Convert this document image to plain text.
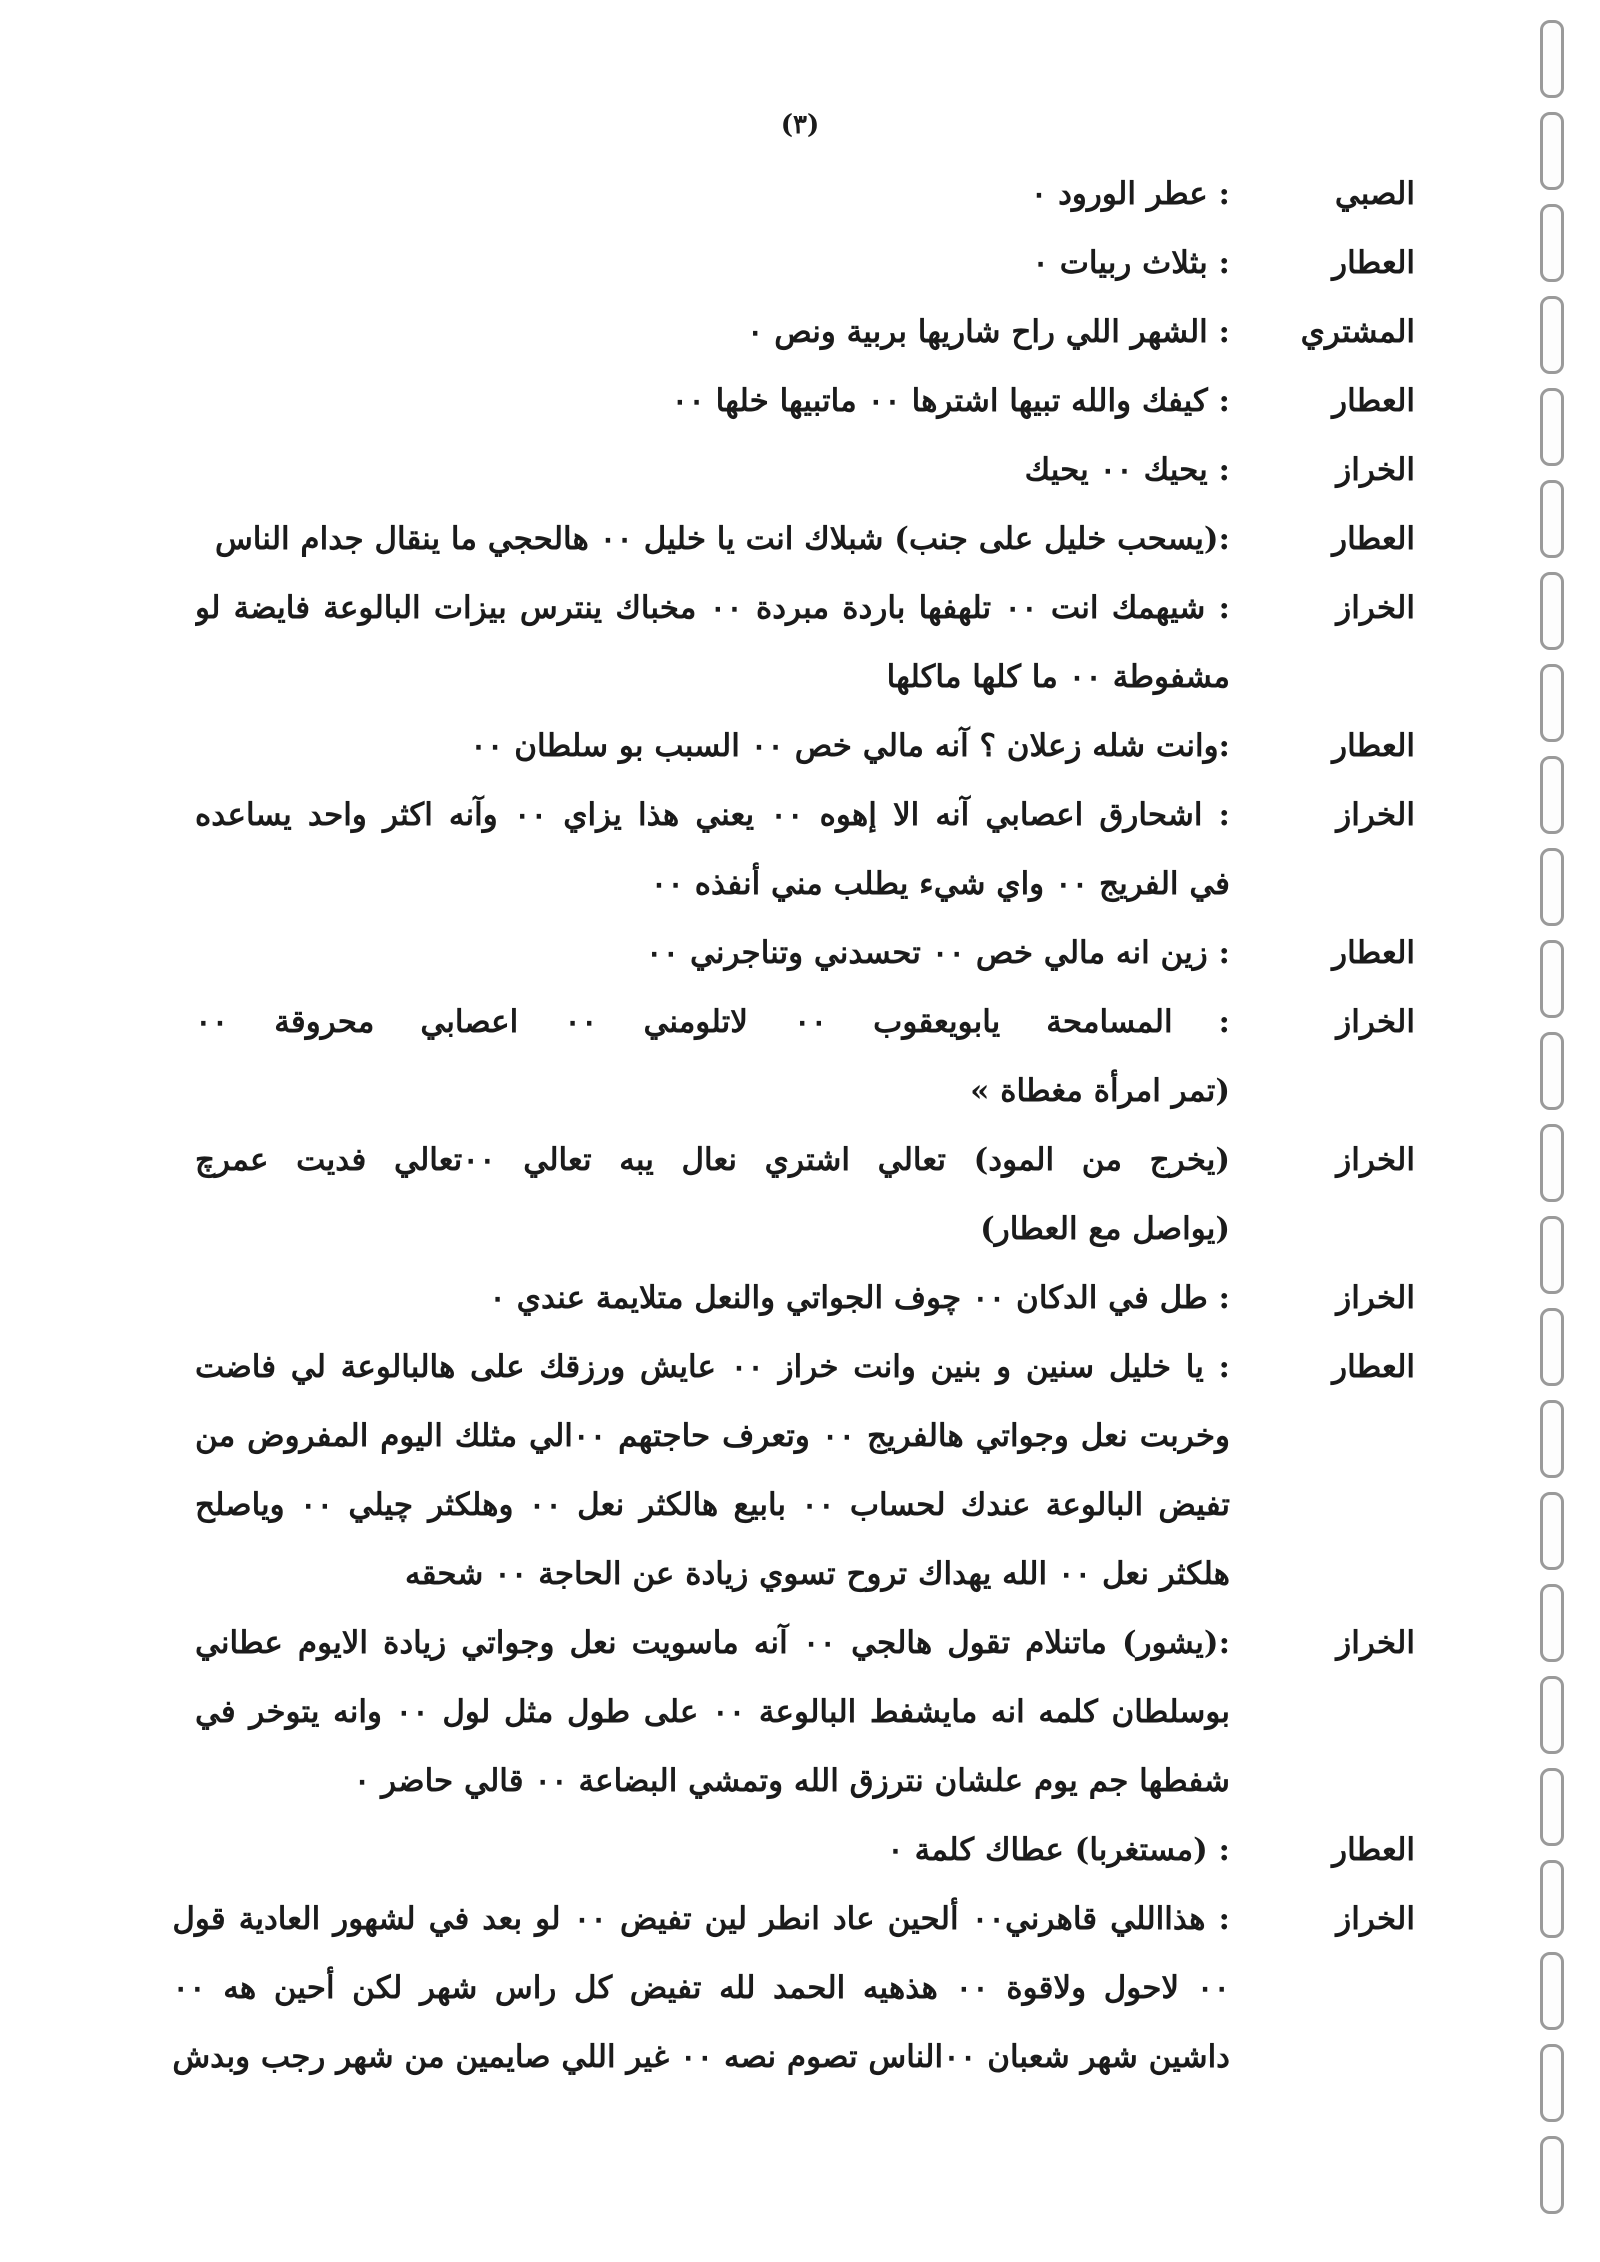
(٣)
الصبي
: عطر الورود ٠
العطار
: بثلاث ربيات ٠
المشتري
: الشهر اللي راح شاريها بربية ونص ٠
العطار
: كيفك والله تبيها اشترها ٠٠ ماتبيها خلها ٠٠
الخراز
: يحيك ٠٠ يحيك
العطار
:(يسحب خليل على جنب) شبلاك انت يا خليل ٠٠ هالحجي ما ينقال جدام الناس
الخراز
: شيهمك انت ٠٠ تلهفها باردة مبردة ٠٠ مخباك ينترس بيزات البالوعة فايضة لو
مشفوطة ٠٠ ما كلها ماكلها
العطار
:وانت شله زعلان ؟ آنه مالي خص ٠٠ السبب بو سلطان ٠٠
الخراز
: اشحارق اعصابي آنه الا إهوه ٠٠ يعني هذا يزاي ٠٠ وآنه اكثر واحد يساعده
في الفريج ٠٠ واي شيء يطلب مني أنفذه ٠٠
العطار
: زين انه مالي خص ٠٠ تحسدني وتناجرني ٠٠
الخراز
: المسامحة يابويعقوب ٠٠ لاتلومني ٠٠ اعصابي محروقة ٠٠
(تمر امرأة مغطاة »
الخراز
(يخرج من المود) تعالي اشتري نعال يبه تعالي ٠٠تعالي فديت عمرچ
(يواصل مع العطار)
الخراز
: طل في الدكان ٠٠ چوف الجواتي والنعل متلايمة عندي ٠
العطار
: يا خليل سنين و بنين وانت خراز ٠٠ عايش ورزقك على هالبالوعة لي فاضت
وخربت نعل وجواتي هالفريج ٠٠ وتعرف حاجتهم ٠٠الي مثلك اليوم المفروض من
تفيض البالوعة عندك لحساب ٠٠ بابيع هالكثر نعل ٠٠ وهلكثر چيلي ٠٠ وياصلح
هلكثر نعل ٠٠ الله يهداك تروح تسوي زيادة عن الحاجة ٠٠ شحقه
الخراز
:(يشور) ماتنلام تقول هالجي ٠٠ آنه ماسويت نعل وجواتي زيادة الايوم عطاني
بوسلطان كلمه انه مايشفط البالوعة ٠٠ على طول مثل لول ٠٠ وانه يتوخر في
شفطها جم يوم علشان نترزق الله وتمشي البضاعة ٠٠ قالي حاضر ٠
العطار
: (مستغربا) عطاك كلمة ٠
الخراز
: هذااللي قاهرني٠٠ ألحين عاد انطر لين تفيض ٠٠ لو بعد في لشهور العادية قول
٠٠ لاحول ولاقوة ٠٠ هذهيه الحمد لله تفيض كل راس شهر لكن أحين هه ٠٠
داشين شهر شعبان ٠٠الناس تصوم نصه ٠٠ غير اللي صايمين من شهر رجب وبدش
